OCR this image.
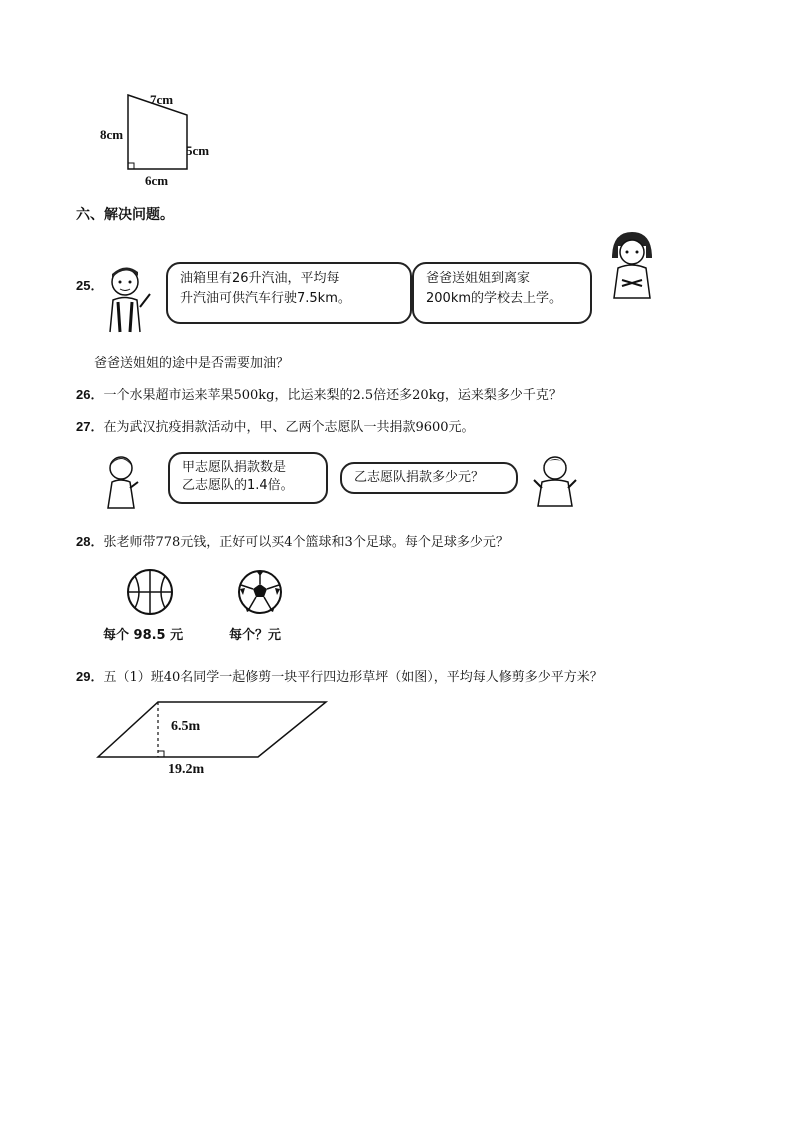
7cm
8cm
5cm
6cm
六、解决问题。
25．	油箱里有26升汽油，平均每
升汽油可供汽车行驶7.5km。
爸爸送姐姐到离家
200km的学校去上学。
爸爸送姐姐的途中是否需要加油？
26．一个水果超市运来苹果500kg，比运来梨的2.5倍还多20kg，运来梨多少千克？
27．在为武汉抗疫捐款活动中，甲、乙两个志愿队一共捐款9600元。
甲志愿队捐款数是
乙志愿队的1.4倍。
乙志愿队捐款多少元？
28．张老师带778元钱，正好可以买4个篮球和3个足球。每个足球多少元？
每个 98.5 元	每个？元
29．五（1）班40名同学一起修剪一块平行四边形草坪（如图），平均每人修剪多少平方米？
6.5m
19.2m
